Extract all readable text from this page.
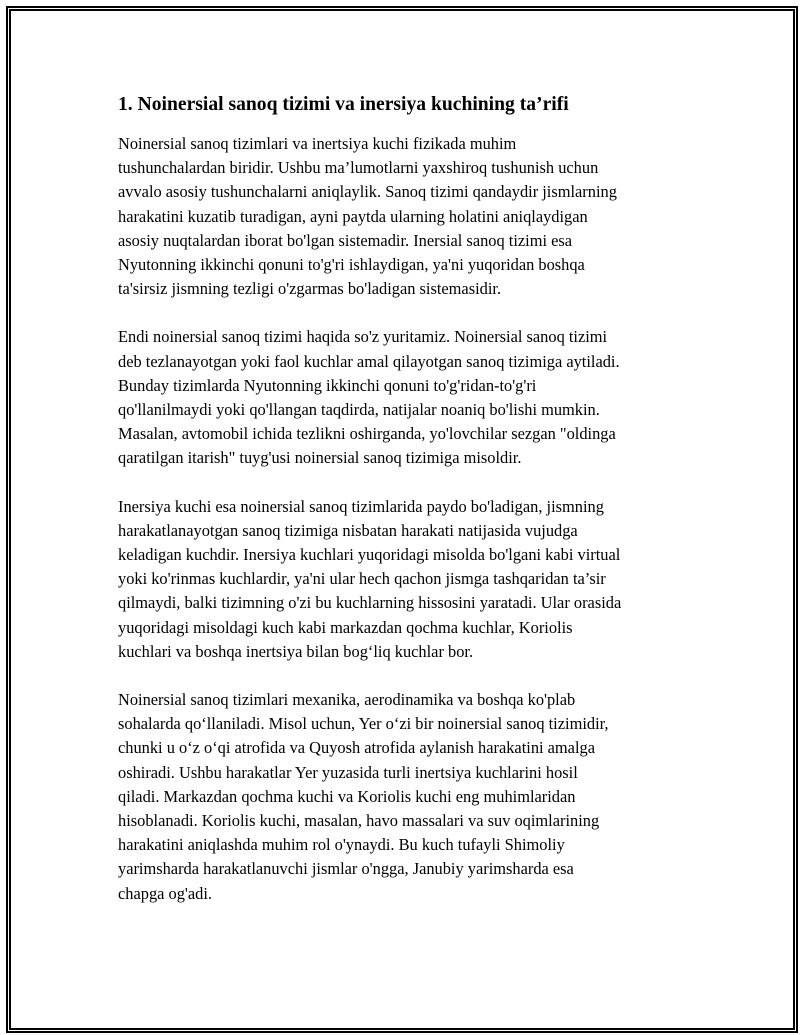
1. Noinersial sanoq tizimi va inersiya kuchining ta’rifi
Noinersial sanoq tizimlari va inertsiya kuchi fizikada muhim
tushunchalardan biridir. Ushbu ma’lumotlarni yaxshiroq tushunish uchun
avvalo asosiy tushunchalarni aniqlaylik. Sanoq tizimi qandaydir jismlarning
harakatini kuzatib turadigan, ayni paytda ularning holatini aniqlaydigan
asosiy nuqtalardan iborat bo'lgan sistemadir. Inersial sanoq tizimi esa
Nyutonning ikkinchi qonuni to'g'ri ishlaydigan, ya'ni yuqoridan boshqa
ta'sirsiz jismning tezligi o'zgarmas bo'ladigan sistemasidir.
Endi noinersial sanoq tizimi haqida so'z yuritamiz. Noinersial sanoq tizimi
deb tezlanayotgan yoki faol kuchlar amal qilayotgan sanoq tizimiga aytiladi.
Bunday tizimlarda Nyutonning ikkinchi qonuni to'g'ridan-to'g'ri
qo'llanilmaydi yoki qo'llangan taqdirda, natijalar noaniq bo'lishi mumkin.
Masalan, avtomobil ichida tezlikni oshirganda, yo'lovchilar sezgan "oldinga
qaratilgan itarish" tuyg'usi noinersial sanoq tizimiga misoldir.
Inersiya kuchi esa noinersial sanoq tizimlarida paydo bo'ladigan, jismning
harakatlanayotgan sanoq tizimiga nisbatan harakati natijasida vujudga
keladigan kuchdir. Inersiya kuchlari yuqoridagi misolda bo'lgani kabi virtual
yoki ko'rinmas kuchlardir, ya'ni ular hech qachon jismga tashqaridan ta’sir
qilmaydi, balki tizimning o'zi bu kuchlarning hissosini yaratadi. Ular orasida
yuqoridagi misoldagi kuch kabi markazdan qochma kuchlar, Koriolis
kuchlari va boshqa inertsiya bilan bog‘liq kuchlar bor.
Noinersial sanoq tizimlari mexanika, aerodinamika va boshqa ko'plab
sohalarda qo‘llaniladi. Misol uchun, Yer o‘zi bir noinersial sanoq tizimidir,
chunki u o‘z o‘qi atrofida va Quyosh atrofida aylanish harakatini amalga
oshiradi. Ushbu harakatlar Yer yuzasida turli inertsiya kuchlarini hosil
qiladi. Markazdan qochma kuchi va Koriolis kuchi eng muhimlaridan
hisoblanadi. Koriolis kuchi, masalan, havo massalari va suv oqimlarining
harakatini aniqlashda muhim rol o'ynaydi. Bu kuch tufayli Shimoliy
yarimsharda harakatlanuvchi jismlar o'ngga, Janubiy yarimsharda esa
chapga og'adi.
